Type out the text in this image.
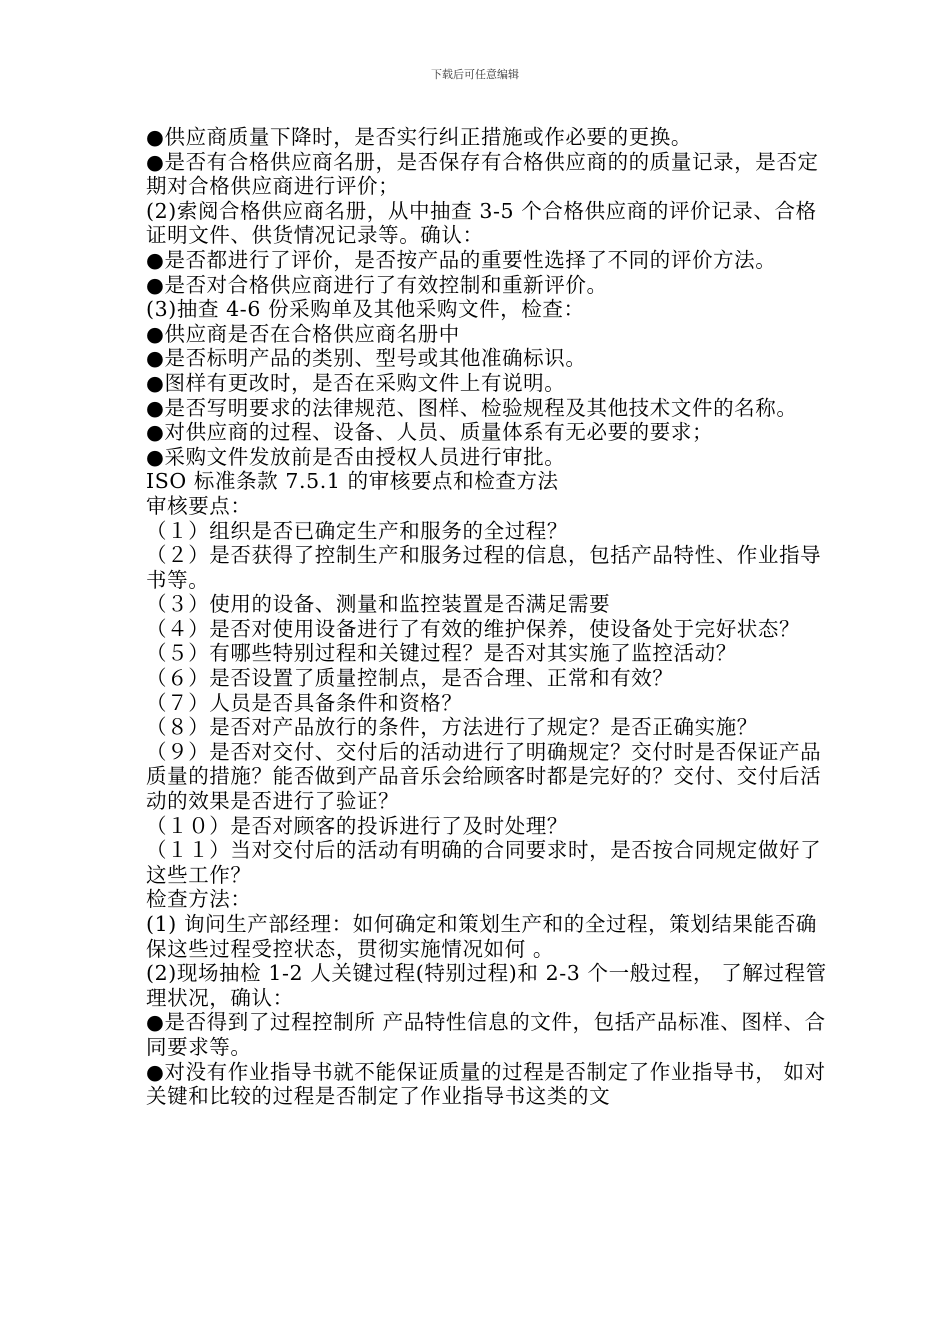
下载后可任意编辑

●供应商质量下降时，是否实行纠正措施或作必要的更换。

●是否有合格供应商名册，是否保存有合格供应商的的质量记录，是否定期对合格供应商进行评价；

(2)索阅合格供应商名册，从中抽查 3-5 个合格供应商的评价记录、合格证明文件、供货情况记录等。确认：

●是否都进行了评价，是否按产品的重要性选择了不同的评价方法。

●是否对合格供应商进行了有效控制和重新评价。

(3)抽查 4-6 份采购单及其他采购文件，检查：

●供应商是否在合格供应商名册中

●是否标明产品的类别、型号或其他准确标识。

●图样有更改时，是否在采购文件上有说明。

●是否写明要求的法律规范、图样、检验规程及其他技术文件的名称。

●对供应商的过程、设备、人员、质量体系有无必要的要求；

●采购文件发放前是否由授权人员进行审批。

ISO 标准条款 7.5.1 的审核要点和检查方法

审核要点：

（１）组织是否已确定生产和服务的全过程？

（２）是否获得了控制生产和服务过程的信息，包括产品特性、作业指导书等。

（３）使用的设备、测量和监控装置是否满足需要

（４）是否对使用设备进行了有效的维护保养，使设备处于完好状态？

（５）有哪些特别过程和关键过程？是否对其实施了监控活动？

（６）是否设置了质量控制点，是否合理、正常和有效？

（７）人员是否具备条件和资格？

（８）是否对产品放行的条件，方法进行了规定？是否正确实施？

（９）是否对交付、交付后的活动进行了明确规定？交付时是否保证产品质量的措施？能否做到产品音乐会给顾客时都是完好的？交付、交付后活动的效果是否进行了验证？

（１０）是否对顾客的投诉进行了及时处理？

（１１）当对交付后的活动有明确的合同要求时，是否按合同规定做好了这些工作？

检查方法：

(1) 询问生产部经理：如何确定和策划生产和的全过程，策划结果能否确保这些过程受控状态，贯彻实施情况如何 。

(2)现场抽检 1-2 人关键过程(特别过程)和 2-3 个一般过程， 了解过程管理状况，确认：

●是否得到了过程控制所 产品特性信息的文件，包括产品标准、图样、合同要求等。

●对没有作业指导书就不能保证质量的过程是否制定了作业指导书， 如对关键和比较的过程是否制定了作业指导书这类的文
